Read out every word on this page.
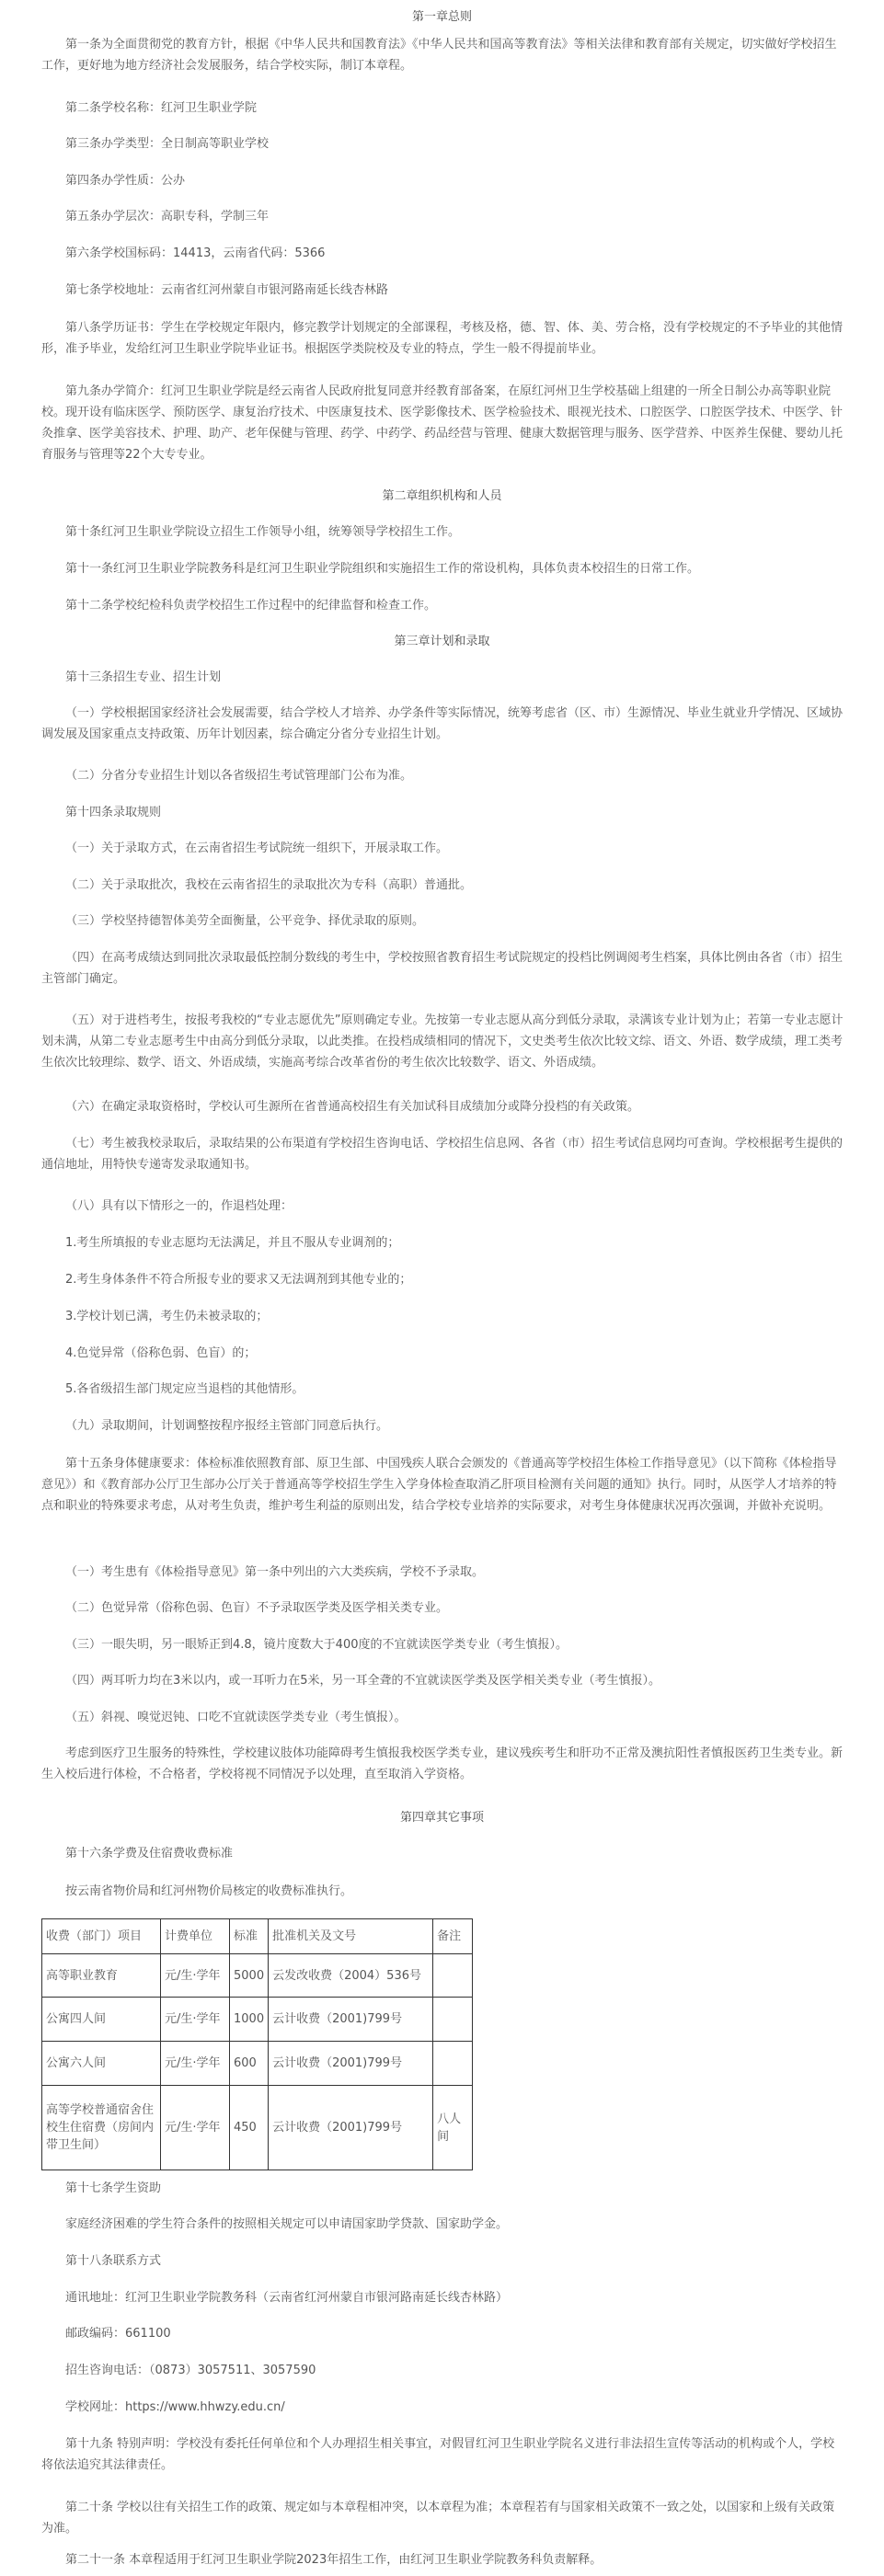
第一章总则

第一条为全面贯彻党的教育方针，根据《中华人民共和国教育法》《中华人民共和国高等教育法》等相关法律和教育部有关规定，切实做好学校招生工作，更好地为地方经济社会发展服务，结合学校实际，制订本章程。

第二条学校名称：红河卫生职业学院

第三条办学类型：全日制高等职业学校

第四条办学性质：公办

第五条办学层次：高职专科，学制三年

第六条学校国标码：14413，云南省代码：5366

第七条学校地址：云南省红河州蒙自市银河路南延长线杏林路

第八条学历证书：学生在学校规定年限内，修完教学计划规定的全部课程，考核及格，德、智、体、美、劳合格，没有学校规定的不予毕业的其他情形，准予毕业，发给红河卫生职业学院毕业证书。根据医学类院校及专业的特点，学生一般不得提前毕业。

第九条办学简介：红河卫生职业学院是经云南省人民政府批复同意并经教育部备案，在原红河州卫生学校基础上组建的一所全日制公办高等职业院校。现开设有临床医学、预防医学、康复治疗技术、中医康复技术、医学影像技术、医学检验技术、眼视光技术、口腔医学、口腔医学技术、中医学、针灸推拿、医学美容技术、护理、助产、老年保健与管理、药学、中药学、药品经营与管理、健康大数据管理与服务、医学营养、中医养生保健、婴幼儿托育服务与管理等22个大专专业。

第二章组织机构和人员

第十条红河卫生职业学院设立招生工作领导小组，统筹领导学校招生工作。

第十一条红河卫生职业学院教务科是红河卫生职业学院组织和实施招生工作的常设机构，具体负责本校招生的日常工作。

第十二条学校纪检科负责学校招生工作过程中的纪律监督和检查工作。

第三章计划和录取

第十三条招生专业、招生计划

（一）学校根据国家经济社会发展需要，结合学校人才培养、办学条件等实际情况，统筹考虑省（区、市）生源情况、毕业生就业升学情况、区域协调发展及国家重点支持政策、历年计划因素，综合确定分省分专业招生计划。

（二）分省分专业招生计划以各省级招生考试管理部门公布为准。

第十四条录取规则

（一）关于录取方式，在云南省招生考试院统一组织下，开展录取工作。

（二）关于录取批次，我校在云南省招生的录取批次为专科（高职）普通批。

（三）学校坚持德智体美劳全面衡量，公平竞争、择优录取的原则。

（四）在高考成绩达到同批次录取最低控制分数线的考生中，学校按照省教育招生考试院规定的投档比例调阅考生档案，具体比例由各省（市）招生主管部门确定。

（五）对于进档考生，按报考我校的“专业志愿优先”原则确定专业。先按第一专业志愿从高分到低分录取，录满该专业计划为止；若第一专业志愿计划未满，从第二专业志愿考生中由高分到低分录取，以此类推。在投档成绩相同的情况下，文史类考生依次比较文综、语文、外语、数学成绩，理工类考生依次比较理综、数学、语文、外语成绩，实施高考综合改革省份的考生依次比较数学、语文、外语成绩。

（六）在确定录取资格时，学校认可生源所在省普通高校招生有关加试科目成绩加分或降分投档的有关政策。

（七）考生被我校录取后，录取结果的公布渠道有学校招生咨询电话、学校招生信息网、各省（市）招生考试信息网均可查询。学校根据考生提供的通信地址，用特快专递寄发录取通知书。

（八）具有以下情形之一的，作退档处理：

1.考生所填报的专业志愿均无法满足，并且不服从专业调剂的；

2.考生身体条件不符合所报专业的要求又无法调剂到其他专业的；

3.学校计划已满，考生仍未被录取的；

4.色觉异常（俗称色弱、色盲）的；

5.各省级招生部门规定应当退档的其他情形。

（九）录取期间，计划调整按程序报经主管部门同意后执行。

第十五条身体健康要求：体检标准依照教育部、原卫生部、中国残疾人联合会颁发的《普通高等学校招生体检工作指导意见》（以下简称《体检指导意见》）和《教育部办公厅卫生部办公厅关于普通高等学校招生学生入学身体检查取消乙肝项目检测有关问题的通知》执行。同时，从医学人才培养的特点和职业的特殊要求考虑，从对考生负责，维护考生利益的原则出发，结合学校专业培养的实际要求，对考生身体健康状况再次强调，并做补充说明。

（一）考生患有《体检指导意见》第一条中列出的六大类疾病，学校不予录取。

（二）色觉异常（俗称色弱、色盲）不予录取医学类及医学相关类专业。

（三）一眼失明，另一眼矫正到4.8，镜片度数大于400度的不宜就读医学类专业（考生慎报）。

（四）两耳听力均在3米以内，或一耳听力在5米，另一耳全聋的不宜就读医学类及医学相关类专业（考生慎报）。

（五）斜视、嗅觉迟钝、口吃不宜就读医学类专业（考生慎报）。

考虑到医疗卫生服务的特殊性，学校建议肢体功能障碍考生慎报我校医学类专业，建议残疾考生和肝功不正常及澳抗阳性者慎报医药卫生类专业。新生入校后进行体检，不合格者，学校将视不同情况予以处理，直至取消入学资格。

第四章其它事项

第十六条学费及住宿费收费标准

按云南省物价局和红河州物价局核定的收费标准执行。

收费（部门）项目	计费单位	标准	批准机关及文号	备注
高等职业教育	元/生·学年	5000	云发改收费（2004）536号	
公寓四人间	元/生·学年	1000	云计收费（2001)799号	
公寓六人间	元/生·学年	600	云计收费（2001)799号	
高等学校普通宿舍住校生住宿费（房间内带卫生间）	元/生·学年	450	云计收费（2001)799号	八人间

第十七条学生资助

家庭经济困难的学生符合条件的按照相关规定可以申请国家助学贷款、国家助学金。

第十八条联系方式

通讯地址：红河卫生职业学院教务科（云南省红河州蒙自市银河路南延长线杏林路）

邮政编码：661100

招生咨询电话：（0873）3057511、3057590

学校网址：https://www.hhwzy.edu.cn/

第十九条 特别声明：学校没有委托任何单位和个人办理招生相关事宜，对假冒红河卫生职业学院名义进行非法招生宣传等活动的机构或个人，学校将依法追究其法律责任。

第二十条 学校以往有关招生工作的政策、规定如与本章程相冲突，以本章程为准；本章程若有与国家相关政策不一致之处，以国家和上级有关政策为准。

第二十一条 本章程适用于红河卫生职业学院2023年招生工作，由红河卫生职业学院教务科负责解释。
